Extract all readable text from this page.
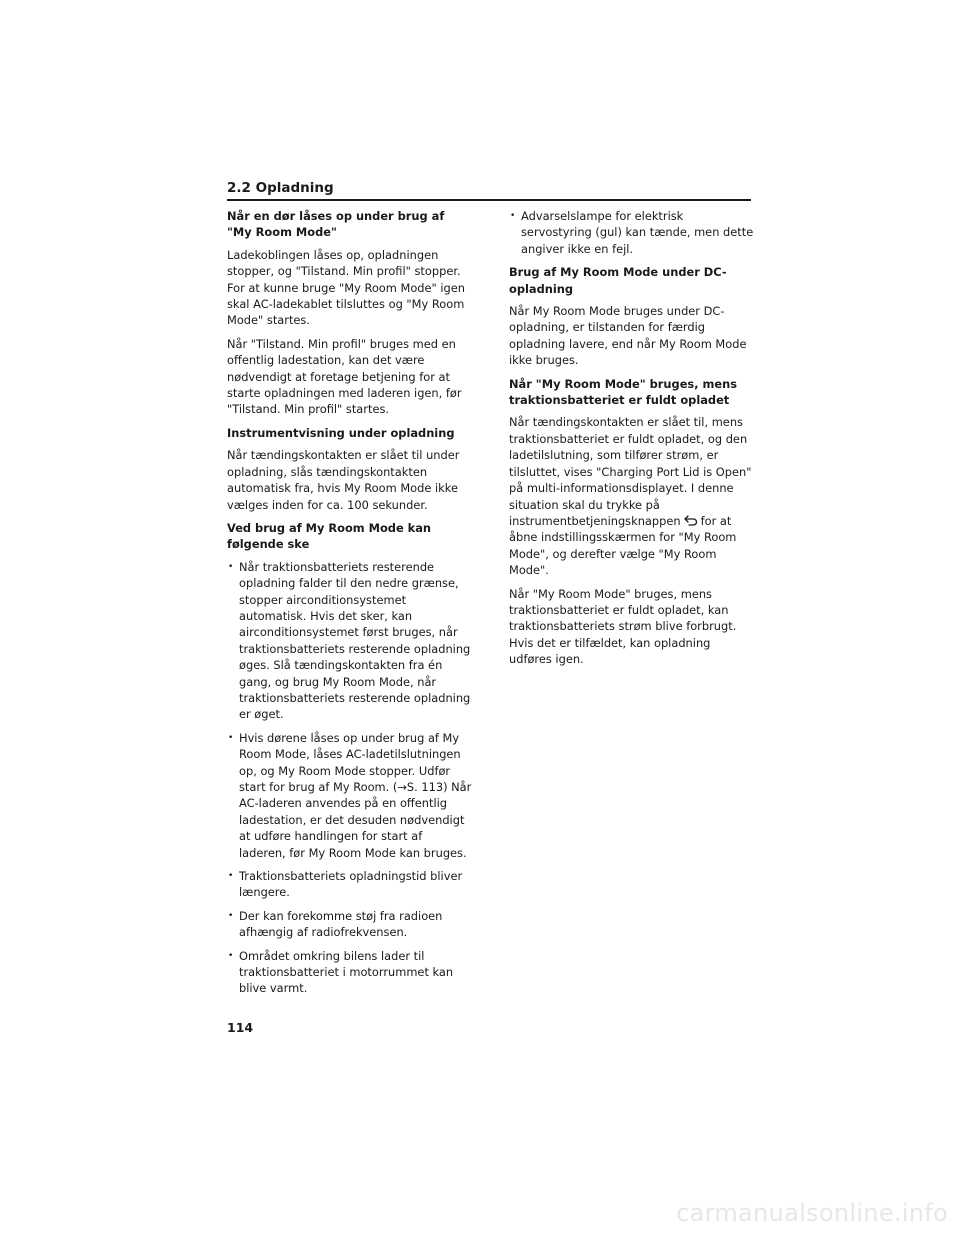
2.2 Opladning
Når en dør låses op under brug af "My Room Mode"

Ladekoblingen låses op, opladningen stopper, og "Tilstand. Min profil" stopper. For at kunne bruge "My Room Mode" igen skal AC-ladekablet tilsluttes og "My Room Mode" startes.

Når "Tilstand. Min profil" bruges med en offentlig ladestation, kan det være nødvendigt at foretage betjening for at starte opladningen med laderen igen, før "Tilstand. Min profil" startes.

Instrumentvisning under opladning

Når tændingskontakten er slået til under opladning, slås tændingskontakten automatisk fra, hvis My Room Mode ikke vælges inden for ca. 100 sekunder.

Ved brug af My Room Mode kan følgende ske
• Når traktionsbatteriets resterende opladning falder til den nedre grænse, stopper airconditionsystemet automatisk. Hvis det sker, kan airconditionsystemet først bruges, når traktionsbatteriets resterende opladning øges. Slå tændingskontakten fra én gang, og brug My Room Mode, når traktionsbatteriets resterende opladning er øget.
• Hvis dørene låses op under brug af My Room Mode, låses AC-ladetilslutningen op, og My Room Mode stopper. Udfør start for brug af My Room. (→S. 113) Når AC-laderen anvendes på en offentlig ladestation, er det desuden nødvendigt at udføre handlingen for start af laderen, før My Room Mode kan bruges.
• Traktionsbatteriets opladningstid bliver længere.
• Der kan forekomme støj fra radioen afhængig af radiofrekvensen.
• Området omkring bilens lader til traktionsbatteriet i motorrummet kan blive varmt.
• Advarselslampe for elektrisk servostyring (gul) kan tænde, men dette angiver ikke en fejl.
Brug af My Room Mode under DC-opladning

Når My Room Mode bruges under DC-opladning, er tilstanden for færdig opladning lavere, end når My Room Mode ikke bruges.

Når "My Room Mode" bruges, mens traktionsbatteriet er fuldt opladet

Når tændingskontakten er slået til, mens traktionsbatteriet er fuldt opladet, og den ladetilslutning, som tilfører strøm, er tilsluttet, vises "Charging Port Lid is Open" på multi-informationsdisplayet. I denne situation skal du trykke på instrumentbetjeningsknappen for at åbne indstillingsskærmen for "My Room Mode", og derefter vælge "My Room Mode".

Når "My Room Mode" bruges, mens traktionsbatteriet er fuldt opladet, kan traktionsbatteriets strøm blive forbrugt. Hvis det er tilfældet, kan opladning udføres igen.

114
carmanualsonline.info
